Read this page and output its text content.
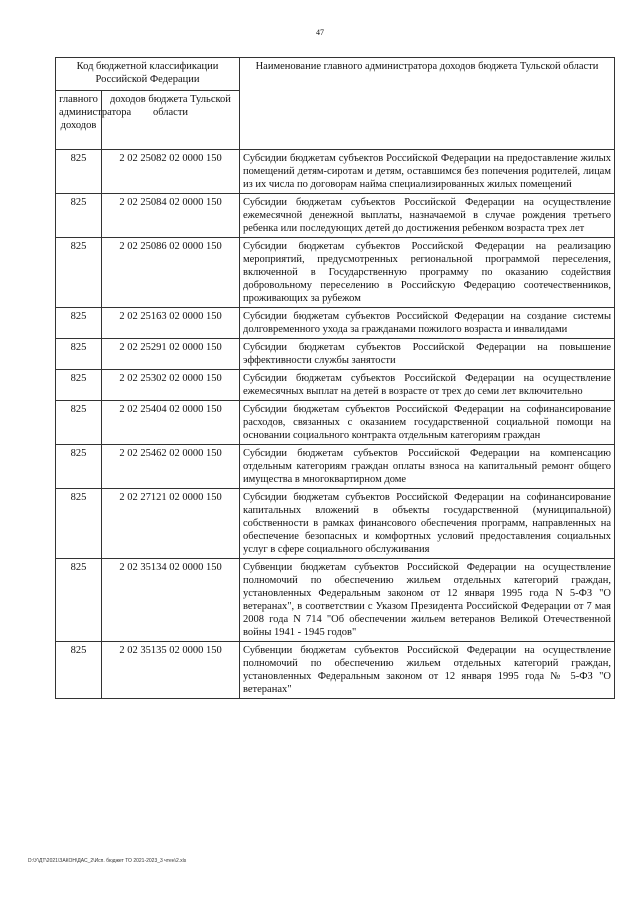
47
Код бюджетной классификации Российской Федерации		Наименование главного администратора доходов бюджета Тульской области
главного администратора доходов	доходов бюджета Тульской области	
825	2 02 25082 02 0000 150	Субсидии бюджетам субъектов Российской Федерации на предоставление жилых помещений детям-сиротам и детям, оставшимся без попечения родителей, лицам из их числа по договорам найма специализированных жилых помещений
825	2 02 25084 02 0000 150	Субсидии бюджетам субъектов Российской Федерации на осуществление ежемесячной денежной выплаты, назначаемой в случае рождения третьего ребенка или последующих детей до достижения ребенком возраста трех лет
825	2 02 25086 02 0000 150	Субсидии бюджетам субъектов Российской Федерации на реализацию мероприятий, предусмотренных региональной программой переселения, включенной в Государственную программу по оказанию содействия добровольному переселению в Российскую Федерацию соотечественников, проживающих за рубежом
825	2 02 25163 02 0000 150	Субсидии бюджетам субъектов Российской Федерации на создание системы долговременного ухода за гражданами пожилого возраста и инвалидами
825	2 02 25291 02 0000 150	Субсидии бюджетам субъектов Российской Федерации на повышение эффективности службы занятости
825	2 02 25302 02 0000 150	Субсидии бюджетам субъектов Российской Федерации на осуществление ежемесячных выплат на детей в возрасте от трех до семи лет включительно
825	2 02 25404 02 0000 150	Субсидии бюджетам субъектов Российской Федерации на софинансирование расходов, связанных с оказанием государственной социальной помощи на основании социального контракта отдельным категориям граждан
825	2 02 25462 02 0000 150	Субсидии бюджетам субъектов Российской Федерации на компенсацию отдельным категориям граждан оплаты взноса на капитальный ремонт общего имущества в многоквартирном доме
825	2 02 27121 02 0000 150	Субсидии бюджетам субъектов Российской Федерации на софинансирование капитальных вложений в объекты государственной (муниципальной) собственности в рамках финансового обеспечения программ, направленных на обеспечение безопасных и комфортных условий предоставления социальных услуг в сфере социального обслуживания
825	2 02 35134 02 0000 150	Субвенции бюджетам субъектов Российской Федерации на осуществление полномочий по обеспечению жильем отдельных категорий граждан, установленных Федеральным законом от 12 января 1995 года N 5-ФЗ "О ветеранах", в соответствии с Указом Президента Российской Федерации от 7 мая 2008 года N 714 "Об обеспечении жильем ветеранов Великой Отечественной войны 1941 - 1945 годов"
825	2 02 35135 02 0000 150	Субвенции бюджетам субъектов Российской Федерации на осуществление полномочий по обеспечению жильем отдельных категорий граждан, установленных Федеральным законом от 12 января 1995 года № 5-ФЗ "О ветеранах"
D:\У\ДТ\2021\ЗАКОН\ДАС_2\Исп. бюджет ТО 2021-2023_3 чтен\2.xls
